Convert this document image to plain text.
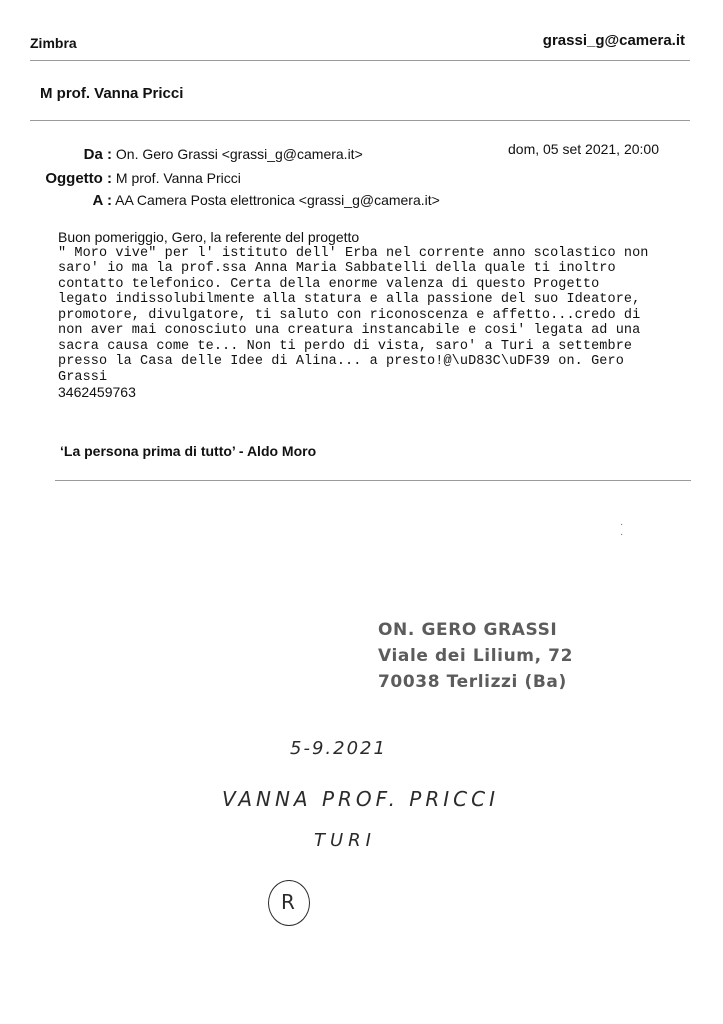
Zimbra	grassi_g@camera.it
M prof. Vanna Pricci
Da : On. Gero Grassi <grassi_g@camera.it>	dom, 05 set 2021, 20:00
Oggetto : M prof. Vanna Pricci
A : AA Camera Posta elettronica <grassi_g@camera.it>
Buon pomeriggio, Gero, la referente del progetto
" Moro vive" per l' istituto dell' Erba nel corrente anno scolastico non
saro' io ma la prof.ssa Anna Maria Sabbatelli della quale ti inoltro
contatto telefonico. Certa della enorme valenza di questo Progetto
legato indissolubilmente alla statura e alla passione del suo Ideatore,
promotore, divulgatore, ti saluto con riconoscenza e affetto...credo di
non aver mai conosciuto una creatura instancabile e cosi' legata ad una
sacra causa come te... Non ti perdo di vista, saro' a Turi a settembre
presso la Casa delle Idee di Alina... a presto!@\uD83C\uDF39 on. Gero
Grassi
3462459763
‘La persona prima di tutto’ - Aldo Moro
·
·
ON. GERO GRASSI
Viale dei Lilium, 72
70038 Terlizzi (Ba)
5-9.2021
VANNA PROF. PRICCI
TURI
R
